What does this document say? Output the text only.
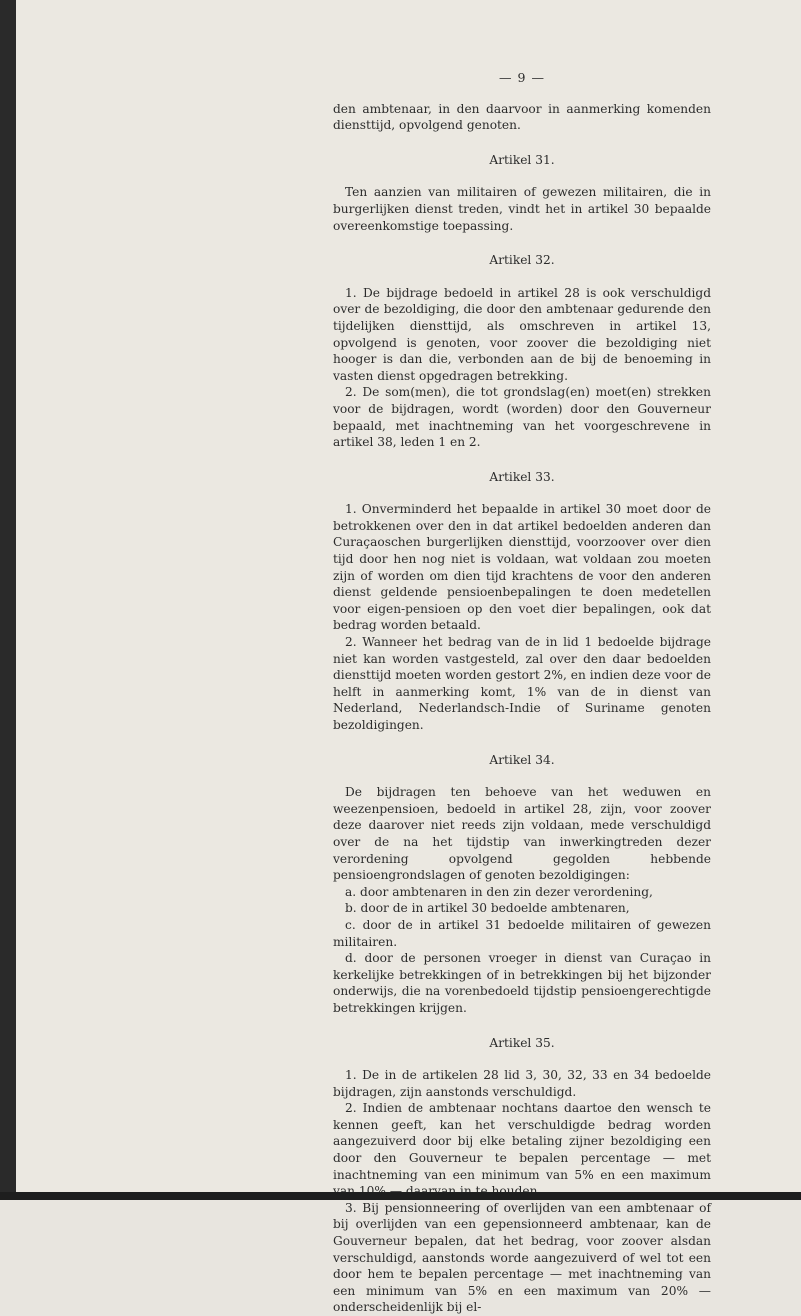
— 9 —

den ambtenaar, in den daarvoor in aanmerking komenden diensttijd, opvolgend genoten.

Artikel 31.

Ten aanzien van militairen of gewezen militairen, die in burgerlijken dienst treden, vindt het in artikel 30 bepaalde overeenkomstige toepassing.

Artikel 32.

1. De bijdrage bedoeld in artikel 28 is ook verschuldigd over de bezoldiging, die door den ambtenaar gedurende den tijdelijken diensttijd, als omschreven in artikel 13, opvolgend is genoten, voor zoover die bezoldiging niet hooger is dan die, verbonden aan de bij de benoeming in vasten dienst opgedragen betrekking.

2. De som(men), die tot grondslag(en) moet(en) strekken voor de bijdragen, wordt (worden) door den Gouverneur bepaald, met inachtneming van het voorgeschrevene in artikel 38, leden 1 en 2.

Artikel 33.

1. Onverminderd het bepaalde in artikel 30 moet door de betrokkenen over den in dat artikel bedoelden anderen dan Curaçaoschen burgerlijken diensttijd, voorzoover over dien tijd door hen nog niet is voldaan, wat voldaan zou moeten zijn of worden om dien tijd krachtens de voor den anderen dienst geldende pensioenbepalingen te doen medetellen voor eigen-pensioen op den voet dier bepalingen, ook dat bedrag worden betaald.

2. Wanneer het bedrag van de in lid 1 bedoelde bijdrage niet kan worden vastgesteld, zal over den daar bedoelden diensttijd moeten worden gestort 2%, en indien deze voor de helft in aanmerking komt, 1% van de in dienst van Nederland, Nederlandsch-Indie of Suriname genoten bezoldigingen.

Artikel 34.

De bijdragen ten behoeve van het weduwen en weezenpensioen, bedoeld in artikel 28, zijn, voor zoover deze daarover niet reeds zijn voldaan, mede verschuldigd over de na het tijdstip van inwerkingtreden dezer verordening opvolgend gegolden hebbende pensioengrondslagen of genoten bezoldigingen:

a. door ambtenaren in den zin dezer verordening,

b. door de in artikel 30 bedoelde ambtenaren,

c. door de in artikel 31 bedoelde militairen of gewezen militairen.

d. door de personen vroeger in dienst van Curaçao in kerkelijke betrekkingen of in betrekkingen bij het bijzonder onderwijs, die na vorenbedoeld tijdstip pensioengerechtigde betrekkingen krijgen.

Artikel 35.

1. De in de artikelen 28 lid 3, 30, 32, 33 en 34 bedoelde bijdragen, zijn aanstonds verschuldigd.

2. Indien de ambtenaar nochtans daartoe den wensch te kennen geeft, kan het verschuldigde bedrag worden aangezuiverd door bij elke betaling zijner bezoldiging een door den Gouverneur te bepalen percentage — met inachtneming van een minimum van 5% en een maximum

3. Bij pensionneering of overlijden van een ambtenaar of bij overlijden van een gepensionneerd ambtenaar, kan de Gouverneur bepalen, dat het bedrag, voor zoover alsdan verschuldigd, aanstonds worde aangezuiverd of wel tot een door hem te bepalen percentage — met inachtneming van een minimum van 5% en een maximum van 20% — onderscheidenlijk bij el-
